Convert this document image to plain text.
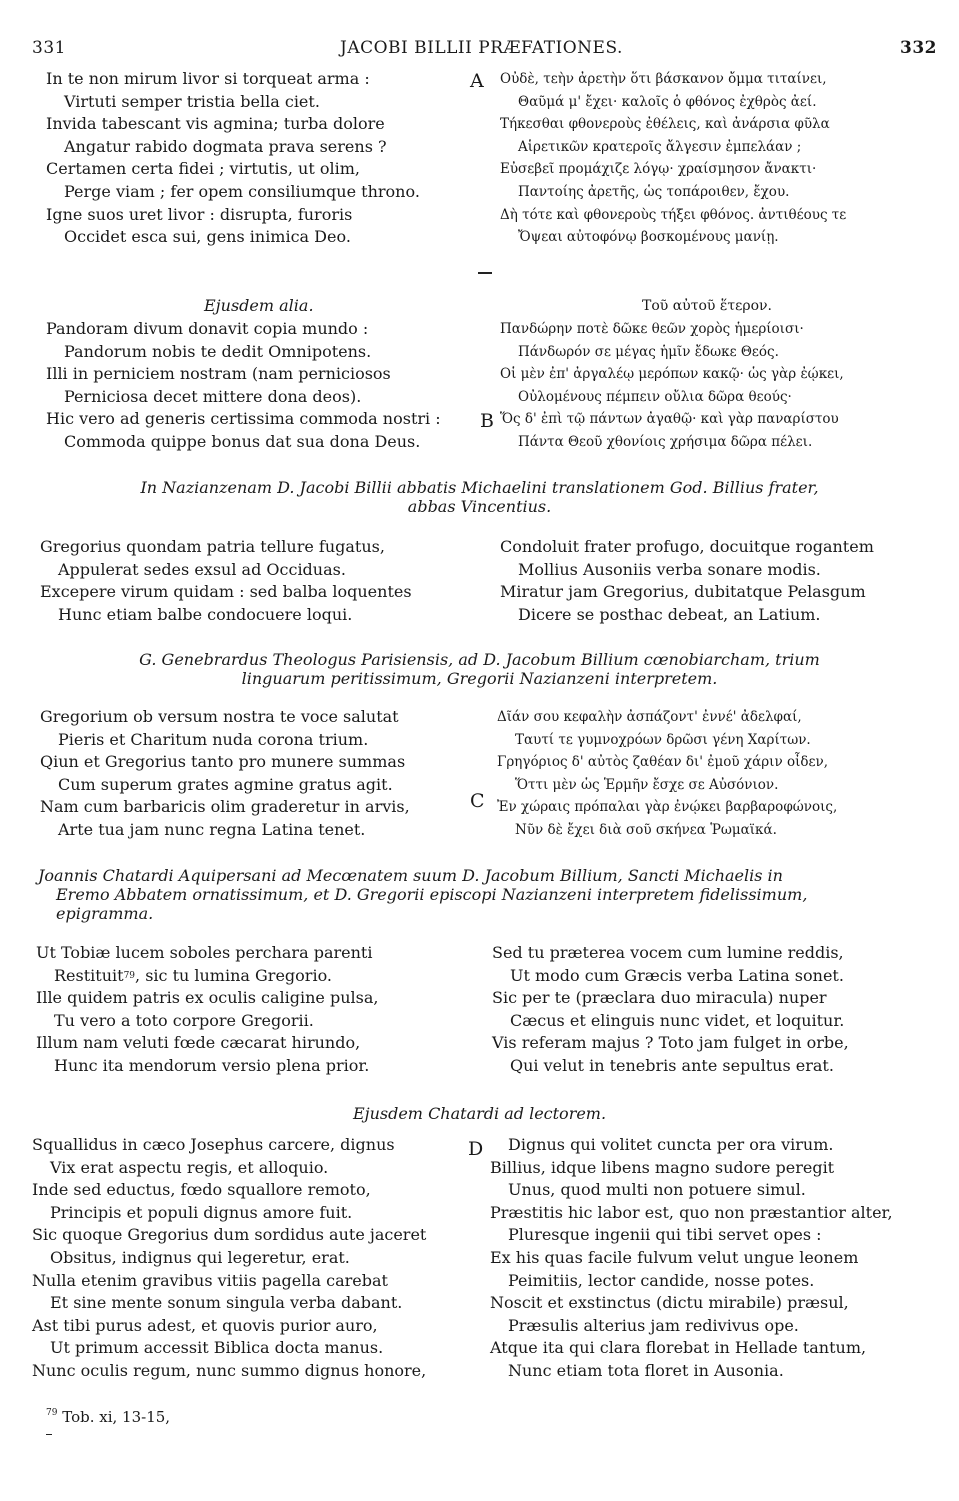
331	JACOBI BILLII PRÆFATIONES.	332
In te non mirum livor si torqueat arma :
Virtuti semper tristia bella ciet.
Invida tabescant vis agmina; turba dolore
Angatur rabido dogmata prava serens ?
Certamen certa fidei ; virtutis, ut olim,
Perge viam ; fer opem consiliumque throno.
Igne suos uret livor : disrupta, furoris
Occidet esca sui, gens inimica Deo.
A Οὐδὲ, τεὴν ἀρετὴν ὅτι βάσκανον ὄμμα τιταίνει,
Θαῦμά μ' ἔχει· καλοῖς ὁ φθόνος ἐχθρὸς ἀεί.
Τήκεσθαι φθονεροὺς ἐθέλεις, καὶ ἀνάρσια φῦλα
Αἱρετικῶν κρατεροῖς ἄλγεσιν ἐμπελάαν ;
Εὐσεβεῖ προμάχιζε λόγῳ· χραίσμησον ἄνακτι·
Παντοίης ἀρετῆς, ὡς τοπάροιθεν, ἔχου.
Δὴ τότε καὶ φθονεροὺς τήξει φθόνος. ἀντιθέους τε
Ὄψεαι αὐτοφόνῳ βοσκομένους μανίῃ.
Ejusdem alia.	Τοῦ αὐτοῦ ἕτερον.
Pandoram divum donavit copia mundo :
Pandorum nobis te dedit Omnipotens.
Illi in perniciem nostram (nam perniciosos
Perniciosa decet mittere dona deos).
Hic vero ad generis certissima commoda nostri :
Commoda quippe bonus dat sua dona Deus.
B
Πανδώρην ποτὲ δῶκε θεῶν χορὸς ἡμερίοισι·
Πάνδωρόν σε μέγας ἡμῖν ἔδωκε Θεός.
Οἱ μὲν ἐπ' ἀργαλέῳ μερόπων κακῷ· ὡς γὰρ ἐῴκει,
Οὐλομένους πέμπειν οὔλια δῶρα θεούς·
Ὅς δ' ἐπὶ τῷ πάντων ἀγαθῷ· καὶ γὰρ παναρίστου
Πάντα Θεοῦ χθονίοις χρήσιμα δῶρα πέλει.
In Nazianzenam D. Jacobi Billii abbatis Michaelini translationem God. Billius frater,
abbas Vincentius.
Gregorius quondam patria tellure fugatus,
Appulerat sedes exsul ad Occiduas.
Excepere virum quidam : sed balba loquentes
Hunc etiam balbe condocuere loqui.
Condoluit frater profugo, docuitque rogantem
Mollius Ausoniis verba sonare modis.
Miratur jam Gregorius, dubitatque Pelasgum
Dicere se posthac debeat, an Latium.
G. Genebrardus Theologus Parisiensis, ad D. Jacobum Billium cœnobiarcham, trium
linguarum peritissimum, Gregorii Nazianzeni interpretem.
Gregorium ob versum nostra te voce salutat
Pieris et Charitum nuda corona trium.
Qiun et Gregorius tanto pro munere summas
Cum superum grates agmine gratus agit.
Nam cum barbaricis olim graderetur in arvis,
Arte tua jam nunc regna Latina tenet.
C
Δῖάν σου κεφαλὴν ἀσπάζοντ' ἐννέ' ἀδελφαί,
Ταυτί τε γυμνοχρόων δρῶσι γένη Χαρίτων.
Γρηγόριος δ' αὐτὸς ζαθέαν δι' ἐμοῦ χάριν οἶδεν,
Ὅττι μὲν ὡς Ἑρμῆν ἔσχε σε Αὐσόνιον.
Ἐν χώραις πρόπαλαι γὰρ ἐνῴκει βαρβαροφώνοις,
Νῦν δὲ ἔχει διὰ σοῦ σκήνεα Ῥωμαϊκά.
Joannis Chatardi Aquipersani ad Mecœnatem suum D. Jacobum Billium, Sancti Michaelis in
Eremo Abbatem ornatissimum, et D. Gregorii episcopi Nazianzeni interpretem fidelissimum,
epigramma.
Ut Tobiæ lucem soboles perchara parenti
Restituit$^{79}$, sic tu lumina Gregorio.
Ille quidem patris ex oculis caligine pulsa,
Tu vero a toto corpore Gregorii.
Illum nam veluti fœde cæcarat hirundo,
Hunc ita mendorum versio plena prior.
Sed tu præterea vocem cum lumine reddis,
Ut modo cum Græcis verba Latina sonet.
Sic per te (præclara duo miracula) nuper
Cæcus et elinguis nunc videt, et loquitur.
Vis referam majus ? Toto jam fulget in orbe,
Qui velut in tenebris ante sepultus erat.
Ejusdem Chatardi ad lectorem.
Squallidus in cæco Josephus carcere, dignus
Vix erat aspectu regis, et alloquio.
Inde sed eductus, fœdo squallore remoto,
Principis et populi dignus amore fuit.
Sic quoque Gregorius dum sordidus aute jaceret
Obsitus, indignus qui legeretur, erat.
Nulla etenim gravibus vitiis pagella carebat
Et sine mente sonum singula verba dabant.
Ast tibi purus adest, et quovis purior auro,
Ut primum accessit Biblica docta manus.
Nunc oculis regum, nunc summo dignus honore,
D	Dignus qui volitet cuncta per ora virum.
Billius, idque libens magno sudore peregit
Unus, quod multi non potuere simul.
Præstitis hic labor est, quo non præstantior alter,
Pluresque ingenii qui tibi servet opes :
Ex his quas facile fulvum velut ungue leonem
Peimitiis, lector candide, nosse potes.
Noscit et exstinctus (dictu mirabile) præsul,
Præsulis alterius jam redivivus ope.
Atque ita qui clara florebat in Hellade tantum,
Nunc etiam tota floret in Ausonia.
$^{79}$ Tob. xi, 13-15,
